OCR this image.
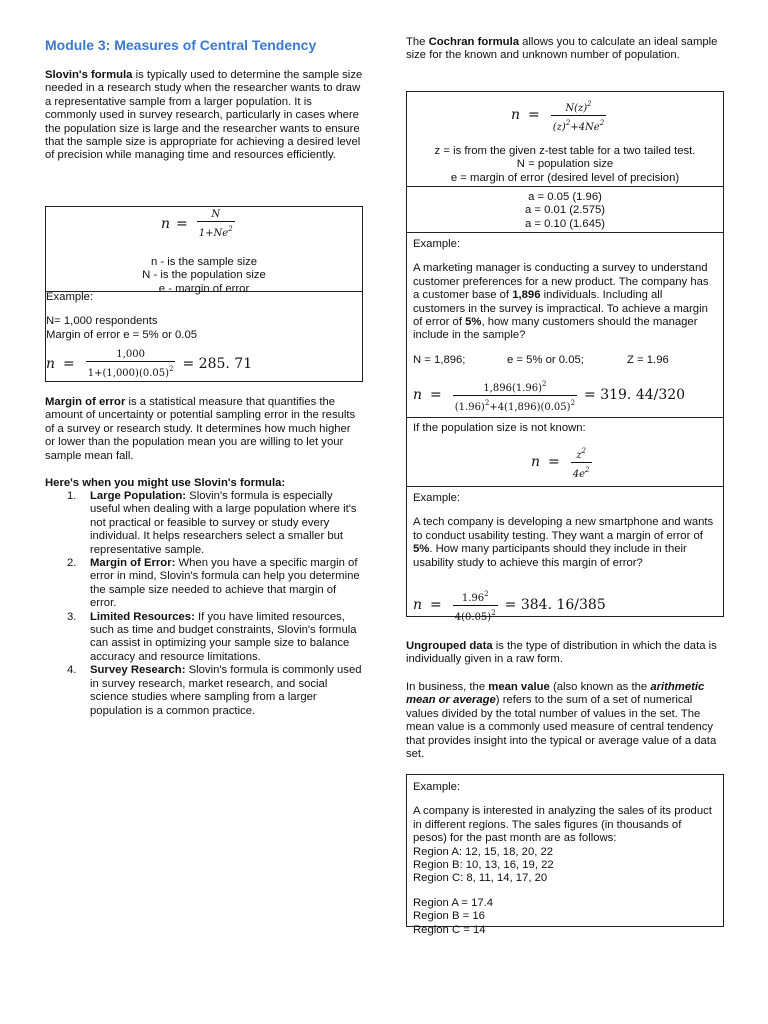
Module 3: Measures of Central Tendency

Slovin's formula is typically used to determine the sample size needed in a research study when the researcher wants to draw a representative sample from a larger population. It is commonly used in survey research, particularly in cases where the population size is large and the researcher wants to ensure that the sample size is appropriate for achieving a desired level of precision while managing time and resources efficiently.

$n = \frac{N}{1+Ne^2}$
n - is the sample size
N - is the population size
e - margin of error
Example:
N= 1,000 respondents
Margin of error e = 5% or 0.05
$n = \frac{1,000}{1+(1,000)(0.05)^2} = 285$. 71

Margin of error is a statistical measure that quantifies the amount of uncertainty or potential sampling error in the results of a survey or research study. It determines how much higher or lower than the population mean you are willing to let your sample mean fall.

Here's when you might use Slovin's formula:

1. Large Population: Slovin's formula is especially useful when dealing with a large population where it's not practical or feasible to survey or study every individual. It helps researchers select a smaller but representative sample.
2. Margin of Error: When you have a specific margin of error in mind, Slovin's formula can help you determine the sample size needed to achieve that margin of error.
3. Limited Resources: If you have limited resources, such as time and budget constraints, Slovin's formula can assist in optimizing your sample size to balance accuracy and resource limitations.
4. Survey Research: Slovin's formula is commonly used in survey research, market research, and social science studies where sampling from a larger population is a common practice.

The Cochran formula allows you to calculate an ideal sample size for the known and unknown number of population.

$n = \frac{N(z)^2}{(z)^2+4Ne^2}$
z = is from the given z-test table for a two tailed test.
N = population size
e = margin of error (desired level of precision)
a = 0.05 (1.96)
a = 0.01 (2.575)
a = 0.10 (1.645)
Example:

A marketing manager is conducting a survey to understand customer preferences for a new product. The company has a customer base of 1,896 individuals. Including all customers in the survey is impractical. To achieve a margin of error of 5%, how many customers should the manager include in the sample?

N = 1,896;	e = 5% or 0.05;	Z = 1.96
$n = \frac{1,896(1.96)^2}{(1.96)^2+4(1,896)(0.05)^2} = 319$. 44/320
If the population size is not known:
$n = \frac{z^2}{4e^2}$
Example:

A tech company is developing a new smartphone and wants to conduct usability testing. They want a margin of error of 5%. How many participants should they include in their usability study to achieve this margin of error?

$n = \frac{1.96^2}{4(0.05)^2} = 384$. 16/385

Ungrouped data is the type of distribution in which the data is individually given in a raw form.

In business, the mean value (also known as the arithmetic mean or average) refers to the sum of a set of numerical values divided by the total number of values in the set. The mean value is a commonly used measure of central tendency that provides insight into the typical or average value of a data set.

Example:

A company is interested in analyzing the sales of its product in different regions. The sales figures (in thousands of pesos) for the past month are as follows:

Region A: 12, 15, 18, 20, 22
Region B: 10, 13, 16, 19, 22
Region C: 8, 11, 14, 17, 20
Region A = 17.4
Region B = 16
Region C = 14
